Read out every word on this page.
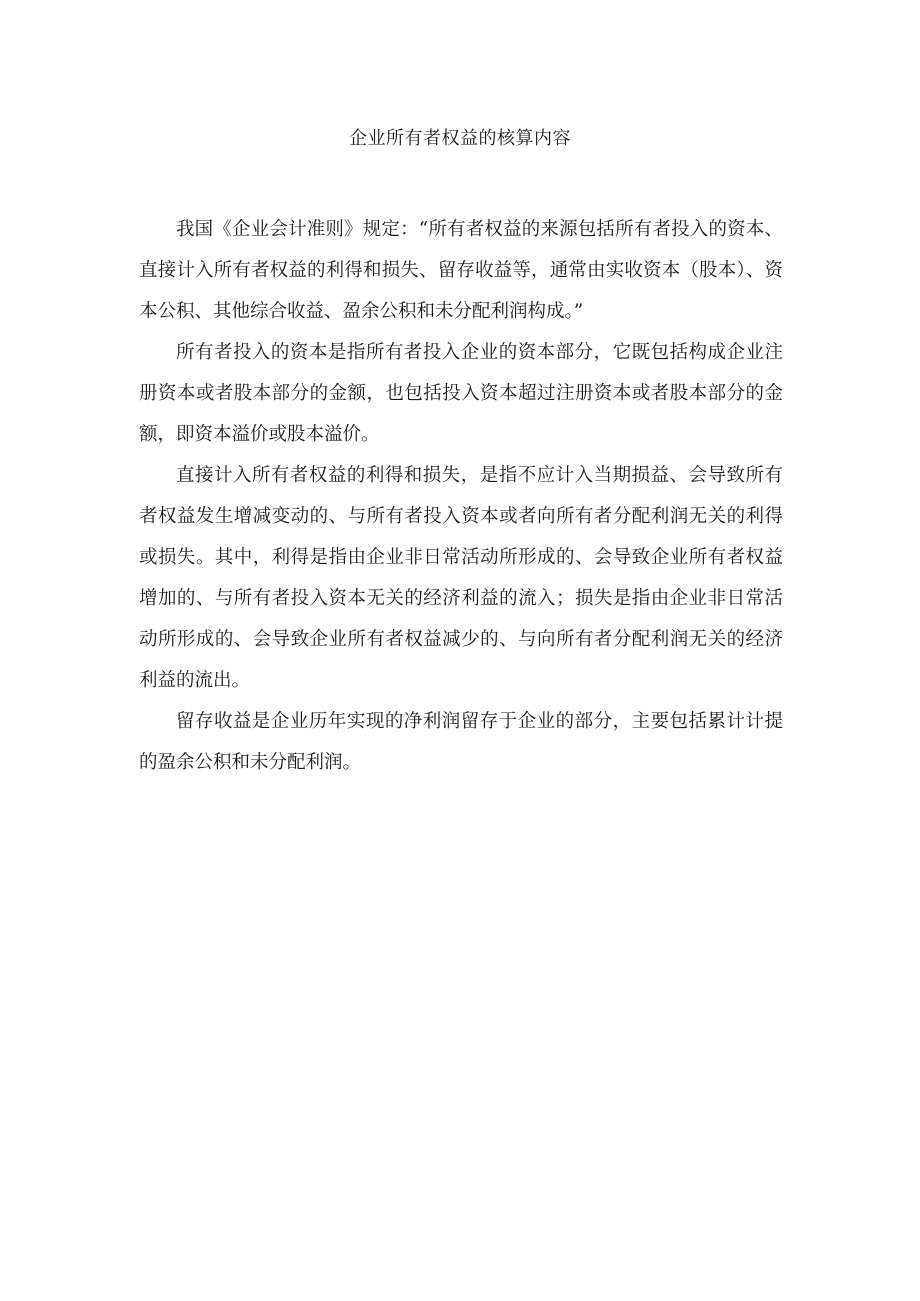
企业所有者权益的核算内容

我国《企业会计准则》规定：“所有者权益的来源包括所有者投入的资本、直接计入所有者权益的利得和损失、留存收益等，通常由实收资本（股本）、资本公积、其他综合收益、盈余公积和未分配利润构成。”

所有者投入的资本是指所有者投入企业的资本部分，它既包括构成企业注册资本或者股本部分的金额，也包括投入资本超过注册资本或者股本部分的金额，即资本溢价或股本溢价。

直接计入所有者权益的利得和损失，是指不应计入当期损益、会导致所有者权益发生增减变动的、与所有者投入资本或者向所有者分配利润无关的利得或损失。其中，利得是指由企业非日常活动所形成的、会导致企业所有者权益增加的、与所有者投入资本无关的经济利益的流入；损失是指由企业非日常活动所形成的、会导致企业所有者权益减少的、与向所有者分配利润无关的经济利益的流出。

留存收益是企业历年实现的净利润留存于企业的部分，主要包括累计计提的盈余公积和未分配利润。
